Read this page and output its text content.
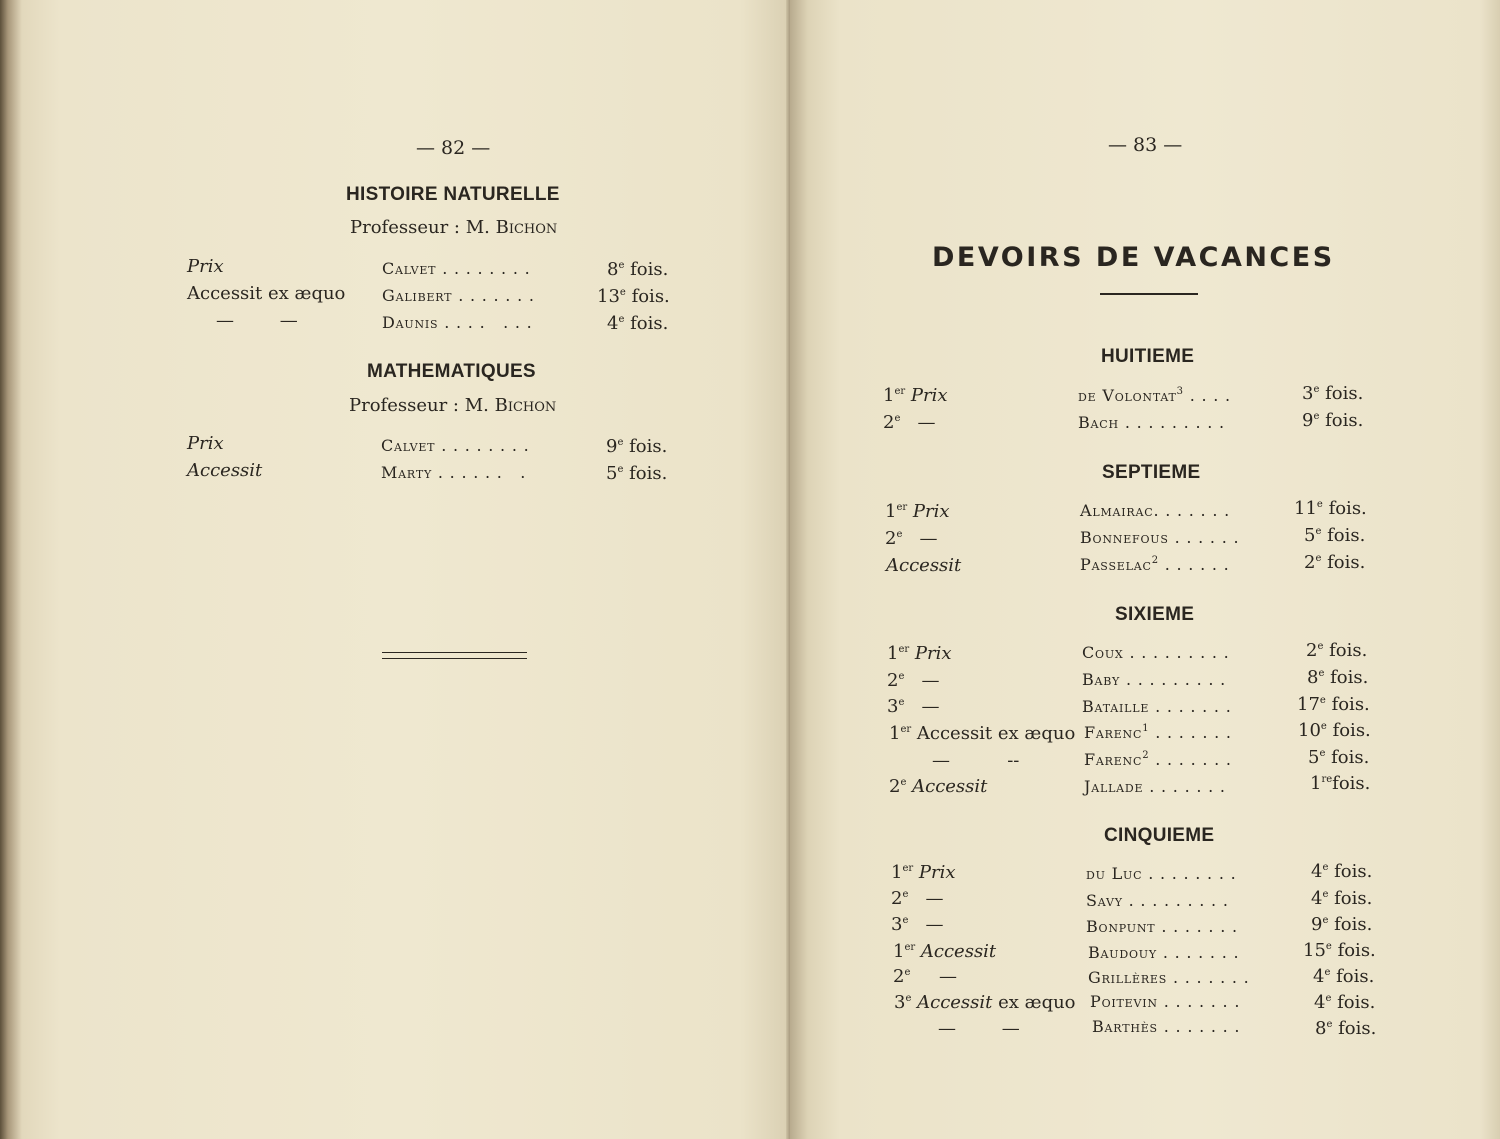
— 82 —
HISTOIRE NATURELLE
Professeur : M. Bichon
Prix	Calvet . . . . . . . .	8e fois.
Accessit ex æquo Galibert . . . . . . .	13e fois.
—        —	Daunis . . . .   . . .	4e fois.
MATHEMATIQUES
Professeur : M. Bichon
Prix	Calvet . . . . . . . .	9e fois.
Accessit	Marty . . . . . .   .	5e fois.
— 83 —
DEVOIRS DE VACANCES
HUITIEME
1er Prix	de Volontat$^3$ . . . .	3e fois.
2e —	Bach . . . . . . . . .	9e fois.
SEPTIEME
1er Prix	Almairac. . . . . . .	11e fois.
2e —	Bonnefous . . . . . .	5e fois.
Accessit	Passelac$^2$ . . . . . .	2e fois.
SIXIEME
1er Prix	Coux . . . . . . . . .	2e fois.
2e —	Baby . . . . . . . . .	8e fois.
3e —	Bataille . . . . . . .	17e fois.
1er Accessit ex æquo Farenc$^1$ . . . . . . .	10e fois.
—          --	Farenc$^2$ . . . . . . .	5e fois.
2e Accessit	Jallade . . . . . . .	1refois.
CINQUIEME
1er Prix	du Luc . . . . . . . .	4e fois.
2e —	Savy . . . . . . . . .	4e fois.
3e —	Bonpunt . . . . . . .	9e fois.
1er Accessit	Baudouy . . . . . . .	15e fois.
2e —	Grillères . . . . . . .	4e fois.
3e Accessit ex æquo Poitevin . . . . . . .	4e fois.
—        —	Barthès . . . . . . .	8e fois.
